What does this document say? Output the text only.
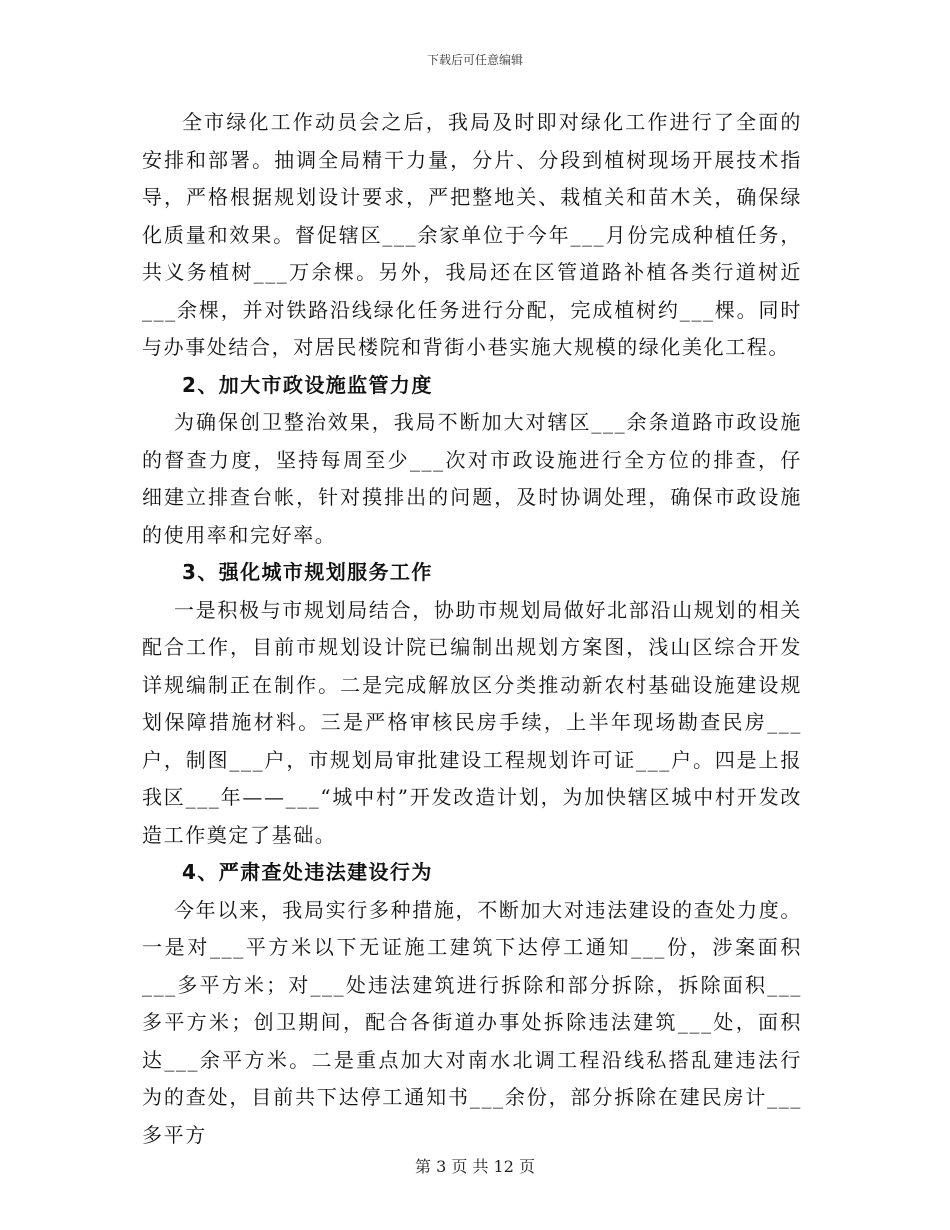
下载后可任意编辑

全市绿化工作动员会之后，我局及时即对绿化工作进行了全面的安排和部署。抽调全局精干力量，分片、分段到植树现场开展技术指导，严格根据规划设计要求，严把整地关、栽植关和苗木关，确保绿化质量和效果。督促辖区___余家单位于今年___月份完成种植任务，共义务植树___万余棵。另外，我局还在区管道路补植各类行道树近___余棵，并对铁路沿线绿化任务进行分配，完成植树约___棵。同时与办事处结合，对居民楼院和背街小巷实施大规模的绿化美化工程。

2、加大市政设施监管力度

为确保创卫整治效果，我局不断加大对辖区___余条道路市政设施的督查力度，坚持每周至少___次对市政设施进行全方位的排查，仔细建立排查台帐，针对摸排出的问题，及时协调处理，确保市政设施的使用率和完好率。

3、强化城市规划服务工作

一是积极与市规划局结合，协助市规划局做好北部沿山规划的相关配合工作，目前市规划设计院已编制出规划方案图，浅山区综合开发详规编制正在制作。二是完成解放区分类推动新农村基础设施建设规划保障措施材料。三是严格审核民房手续，上半年现场勘查民房___户，制图___户，市规划局审批建设工程规划许可证___户。四是上报我区___年——___“城中村”开发改造计划，为加快辖区城中村开发改造工作奠定了基础。

4、严肃查处违法建设行为

今年以来，我局实行多种措施，不断加大对违法建设的查处力度。一是对___平方米以下无证施工建筑下达停工通知___份，涉案面积___多平方米；对___处违法建筑进行拆除和部分拆除，拆除面积___多平方米；创卫期间，配合各街道办事处拆除违法建筑___处，面积达___余平方米。二是重点加大对南水北调工程沿线私搭乱建违法行为的查处，目前共下达停工通知书___余份，部分拆除在建民房计___多平方

第 3 页 共 12 页
